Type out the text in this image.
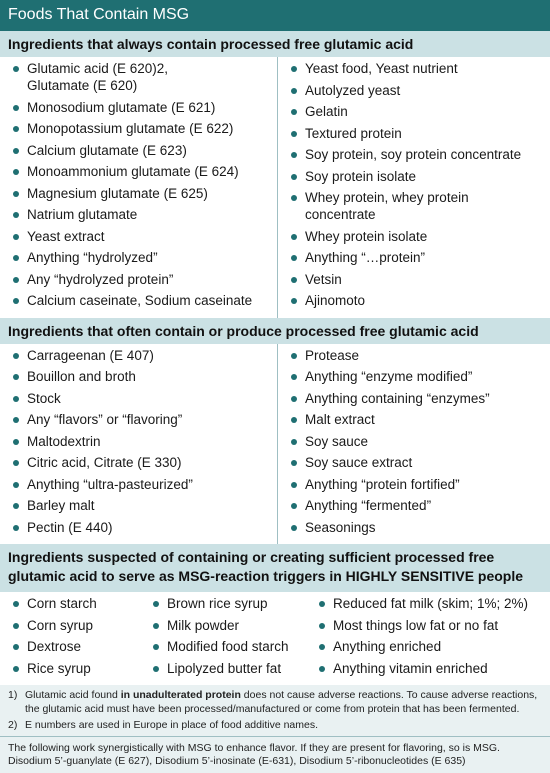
Foods That Contain MSG
Ingredients that always contain processed free glutamic acid
Glutamic acid (E 620)2,
Glutamate (E 620)
Monosodium glutamate (E 621)
Monopotassium glutamate (E 622)
Calcium glutamate (E 623)
Monoammonium glutamate (E 624)
Magnesium glutamate (E 625)
Natrium glutamate
Yeast extract
Anything “hydrolyzed”
Any “hydrolyzed protein”
Calcium caseinate, Sodium caseinate
Yeast food, Yeast nutrient
Autolyzed yeast
Gelatin
Textured protein
Soy protein, soy protein concentrate
Soy protein isolate
Whey protein, whey protein
concentrate
Whey protein isolate
Anything “…protein”
Vetsin
Ajinomoto
Ingredients that often contain or produce processed free glutamic acid
Carrageenan (E 407)
Bouillon and broth
Stock
Any “flavors” or “flavoring”
Maltodextrin
Citric acid, Citrate (E 330)
Anything “ultra-pasteurized”
Barley malt
Pectin (E 440)
Protease
Anything “enzyme modified”
Anything containing “enzymes”
Malt extract
Soy sauce
Soy sauce extract
Anything “protein fortified”
Anything “fermented”
Seasonings
Ingredients suspected of containing or creating sufficient processed free glutamic acid to serve as MSG-reaction triggers in HIGHLY SENSITIVE people
Corn starch
Corn syrup
Dextrose
Rice syrup
Brown rice syrup
Milk powder
Modified food starch
Lipolyzed butter fat
Reduced fat milk (skim; 1%; 2%)
Most things low fat or no fat
Anything enriched
Anything vitamin enriched
1) Glutamic acid found in unadulterated protein does not cause adverse reactions. To cause adverse reactions, the glutamic acid must have been processed/manufactured or come from protein that has been fermented.
2) E numbers are used in Europe in place of food additive names.
The following work synergistically with MSG to enhance flavor. If they are present for flavoring, so is MSG.
Disodium 5’-guanylate (E 627), Disodium 5’-inosinate (E-631), Disodium 5’-ribonucleotides (E 635)
